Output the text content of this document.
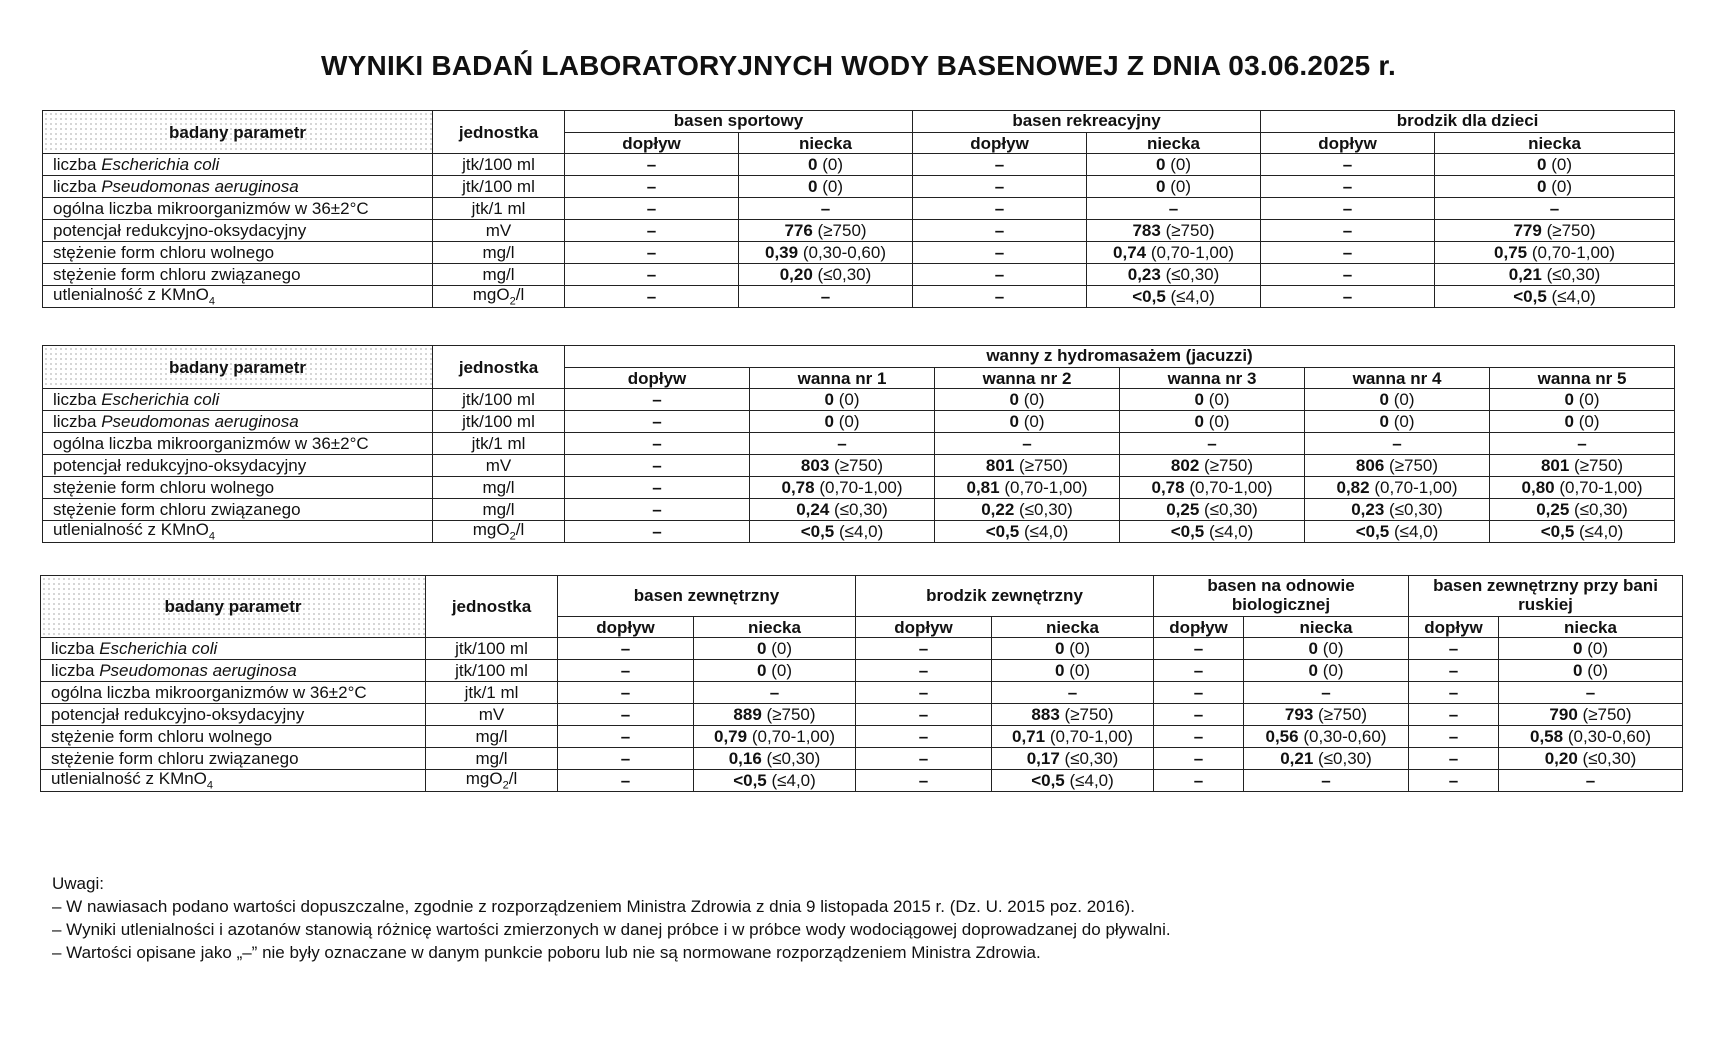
WYNIKI BADAŃ LABORATORYJNYCH WODY BASENOWEJ Z DNIA 03.06.2025 r.
badany parametr	jednostka	basen sportowy		basen rekreacyjny		brodzik dla dzieci	
		dopływ	niecka	dopływ	niecka	dopływ	niecka
liczba Escherichia coli	jtk/100 ml	–	0 (0)	–	0 (0)	–	0 (0)
liczba Pseudomonas aeruginosa	jtk/100 ml	–	0 (0)	–	0 (0)	–	0 (0)
ogólna liczba mikroorganizmów w 36±2°C	jtk/1 ml	–	–	–	–	–	–
potencjał redukcyjno-oksydacyjny	mV	–	776 (≥750)	–	783 (≥750)	–	779 (≥750)
stężenie form chloru wolnego	mg/l	–	0,39 (0,30-0,60)	–	0,74 (0,70-1,00)	–	0,75 (0,70-1,00)
stężenie form chloru związanego	mg/l	–	0,20 (≤0,30)	–	0,23 (≤0,30)	–	0,21 (≤0,30)
utlenialność z KMnO$_4$	mgO$_2$/l	–	–	–	<0,5 (≤4,0)	–	<0,5 (≤4,0)
badany parametr	jednostka	wanny z hydromasażem (jacuzzi)					
		dopływ	wanna nr 1	wanna nr 2	wanna nr 3	wanna nr 4	wanna nr 5
liczba Escherichia coli	jtk/100 ml	–	0 (0)	0 (0)	0 (0)	0 (0)	0 (0)
liczba Pseudomonas aeruginosa	jtk/100 ml	–	0 (0)	0 (0)	0 (0)	0 (0)	0 (0)
ogólna liczba mikroorganizmów w 36±2°C	jtk/1 ml	–	–	–	–	–	–
potencjał redukcyjno-oksydacyjny	mV	–	803 (≥750)	801 (≥750)	802 (≥750)	806 (≥750)	801 (≥750)
stężenie form chloru wolnego	mg/l	–	0,78 (0,70-1,00)	0,81 (0,70-1,00)	0,78 (0,70-1,00)	0,82 (0,70-1,00)	0,80 (0,70-1,00)
stężenie form chloru związanego	mg/l	–	0,24 (≤0,30)	0,22 (≤0,30)	0,25 (≤0,30)	0,23 (≤0,30)	0,25 (≤0,30)
utlenialność z KMnO$_4$	mgO$_2$/l	–	<0,5 (≤4,0)	<0,5 (≤4,0)	<0,5 (≤4,0)	<0,5 (≤4,0)	<0,5 (≤4,0)
badany parametr	jednostka	basen zewnętrzny		brodzik zewnętrzny		basen na odnowie biologicznej		basen zewnętrzny przy bani ruskiej	
		dopływ	niecka	dopływ	niecka	dopływ	niecka	dopływ	niecka
liczba Escherichia coli	jtk/100 ml	–	0 (0)	–	0 (0)	–	0 (0)	–	0 (0)
liczba Pseudomonas aeruginosa	jtk/100 ml	–	0 (0)	–	0 (0)	–	0 (0)	–	0 (0)
ogólna liczba mikroorganizmów w 36±2°C	jtk/1 ml	–	–	–	–	–	–	–	–
potencjał redukcyjno-oksydacyjny	mV	–	889 (≥750)	–	883 (≥750)	–	793 (≥750)	–	790 (≥750)
stężenie form chloru wolnego	mg/l	–	0,79 (0,70-1,00)	–	0,71 (0,70-1,00)	–	0,56 (0,30-0,60)	–	0,58 (0,30-0,60)
stężenie form chloru związanego	mg/l	–	0,16 (≤0,30)	–	0,17 (≤0,30)	–	0,21 (≤0,30)	–	0,20 (≤0,30)
utlenialność z KMnO$_4$	mgO$_2$/l	–	<0,5 (≤4,0)	–	<0,5 (≤4,0)	–	–	–	–
Uwagi:
– W nawiasach podano wartości dopuszczalne, zgodnie z rozporządzeniem Ministra Zdrowia z dnia 9 listopada 2015 r. (Dz. U. 2015 poz. 2016).
– Wyniki utlenialności i azotanów stanowią różnicę wartości zmierzonych w danej próbce i w próbce wody wodociągowej doprowadzanej do pływalni.
– Wartości opisane jako „–” nie były oznaczane w danym punkcie poboru lub nie są normowane rozporządzeniem Ministra Zdrowia.
